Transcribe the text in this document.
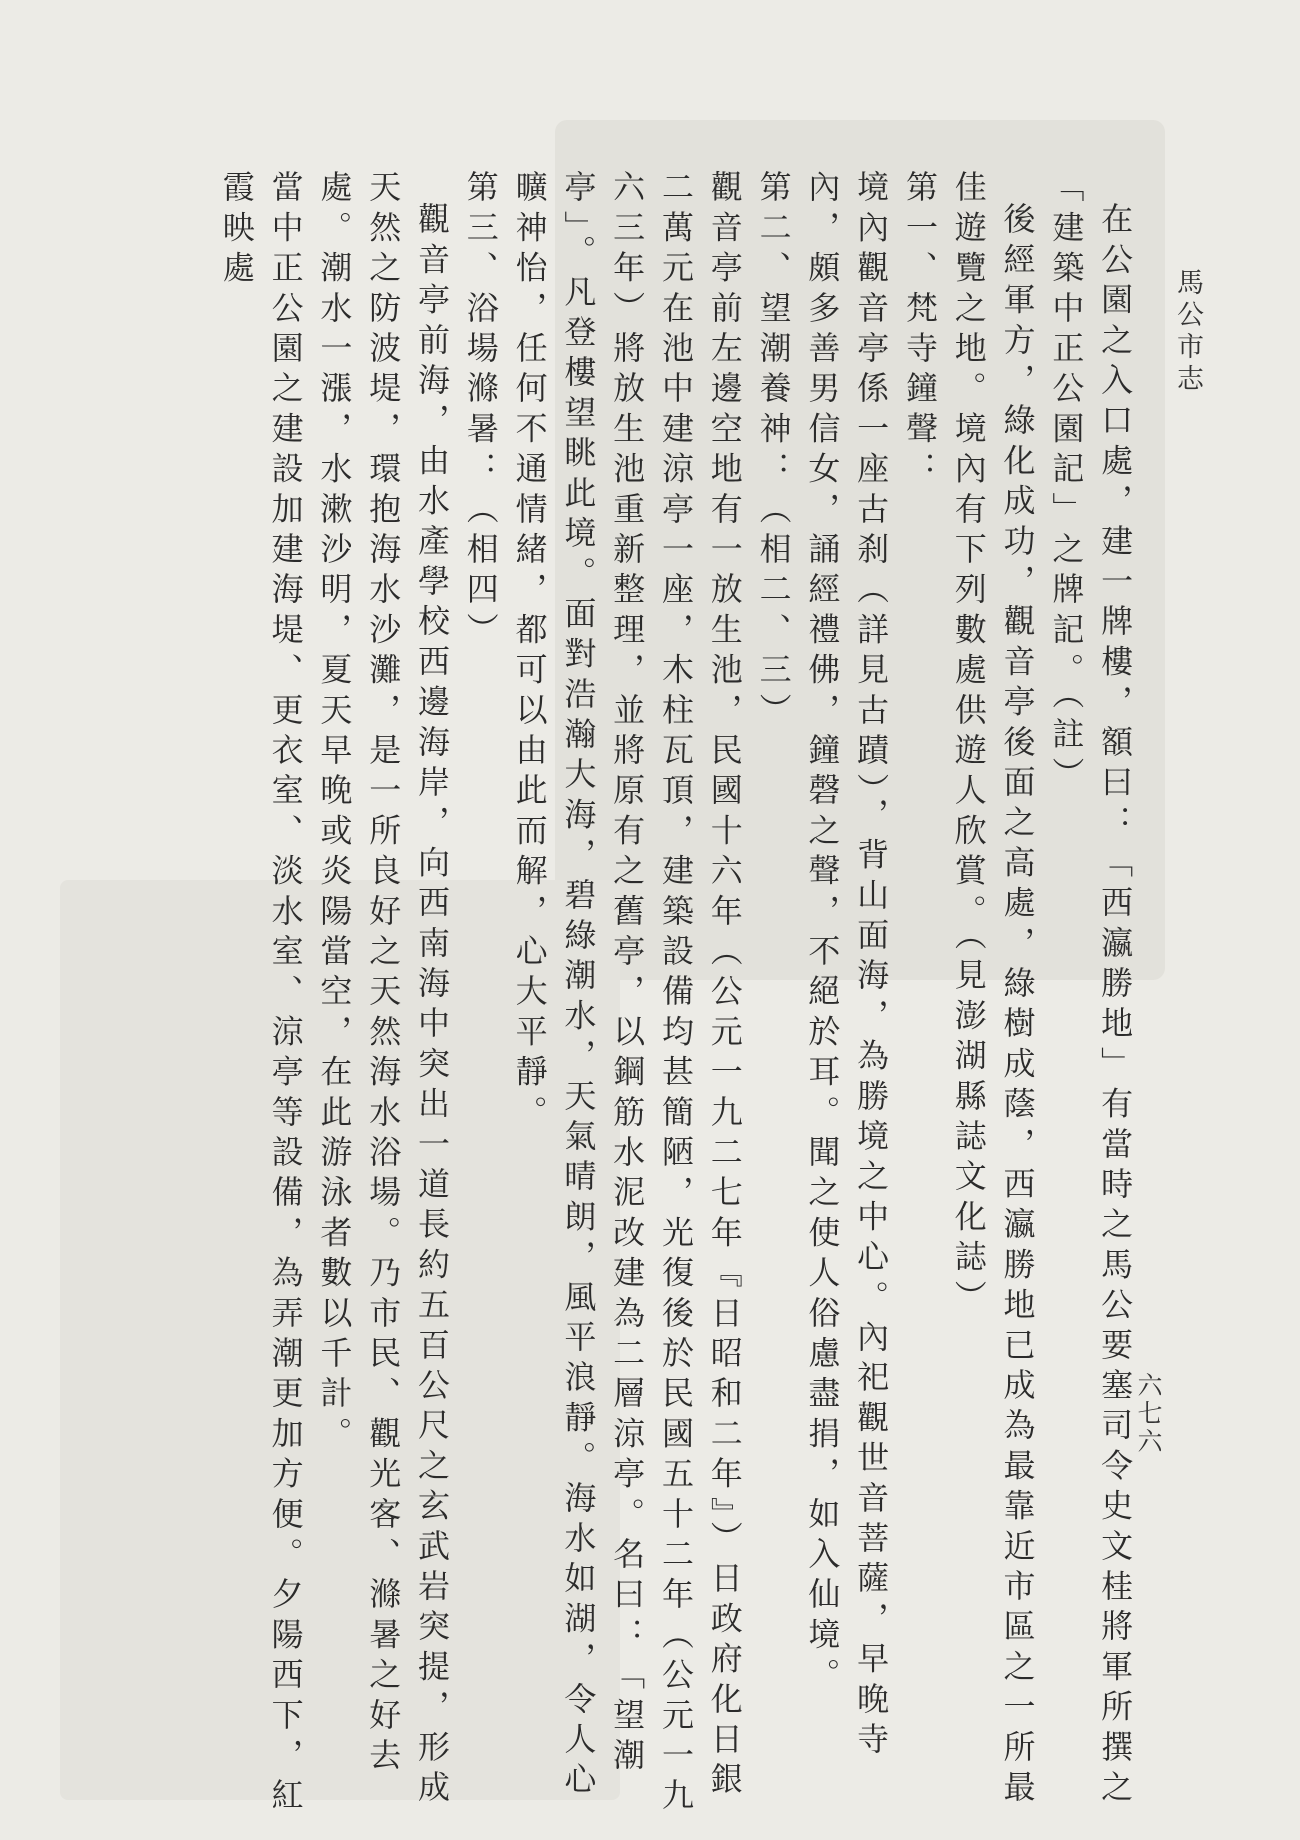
馬公市志
六七六

在公園之入口處，建一牌樓，額曰：「西瀛勝地」有當時之馬公要塞司令史文桂將軍所撰之「建築中正公園記」之牌記。（註）

後經軍方，綠化成功，觀音亭後面之高處，綠樹成蔭，西瀛勝地已成為最靠近市區之一所最佳遊覽之地。境內有下列數處供遊人欣賞。（見澎湖縣誌文化誌）

第一、梵寺鐘聲：

境內觀音亭係一座古刹（詳見古蹟），背山面海，為勝境之中心。內祀觀世音菩薩，早晚寺內，頗多善男信女，誦經禮佛，鐘磬之聲，不絕於耳。聞之使人俗慮盡捐，如入仙境。

第二、望潮養神：（相二、三）

觀音亭前左邊空地有一放生池，民國十六年（公元一九二七年『日昭和二年』）日政府化日銀二萬元在池中建涼亭一座，木柱瓦頂，建築設備均甚簡陋，光復後於民國五十二年（公元一九六三年）將放生池重新整理，並將原有之舊亭，以鋼筋水泥改建為二層涼亭。名曰：「望潮亭」。凡登樓望眺此境。面對浩瀚大海，碧綠潮水，天氣晴朗，風平浪靜。海水如湖，令人心曠神怡，任何不通情緒，都可以由此而解，心大平靜。

第三、浴場滌暑：（相四）

觀音亭前海，由水產學校西邊海岸，向西南海中突出一道長約五百公尺之玄武岩突提，形成天然之防波堤，環抱海水沙灘，是一所良好之天然海水浴場。乃市民、觀光客、滌暑之好去處。潮水一漲，水漱沙明，夏天早晚或炎陽當空，在此游泳者數以千計。

當中正公園之建設加建海堤、更衣室、淡水室、涼亭等設備，為弄潮更加方便。夕陽西下，紅霞映處
